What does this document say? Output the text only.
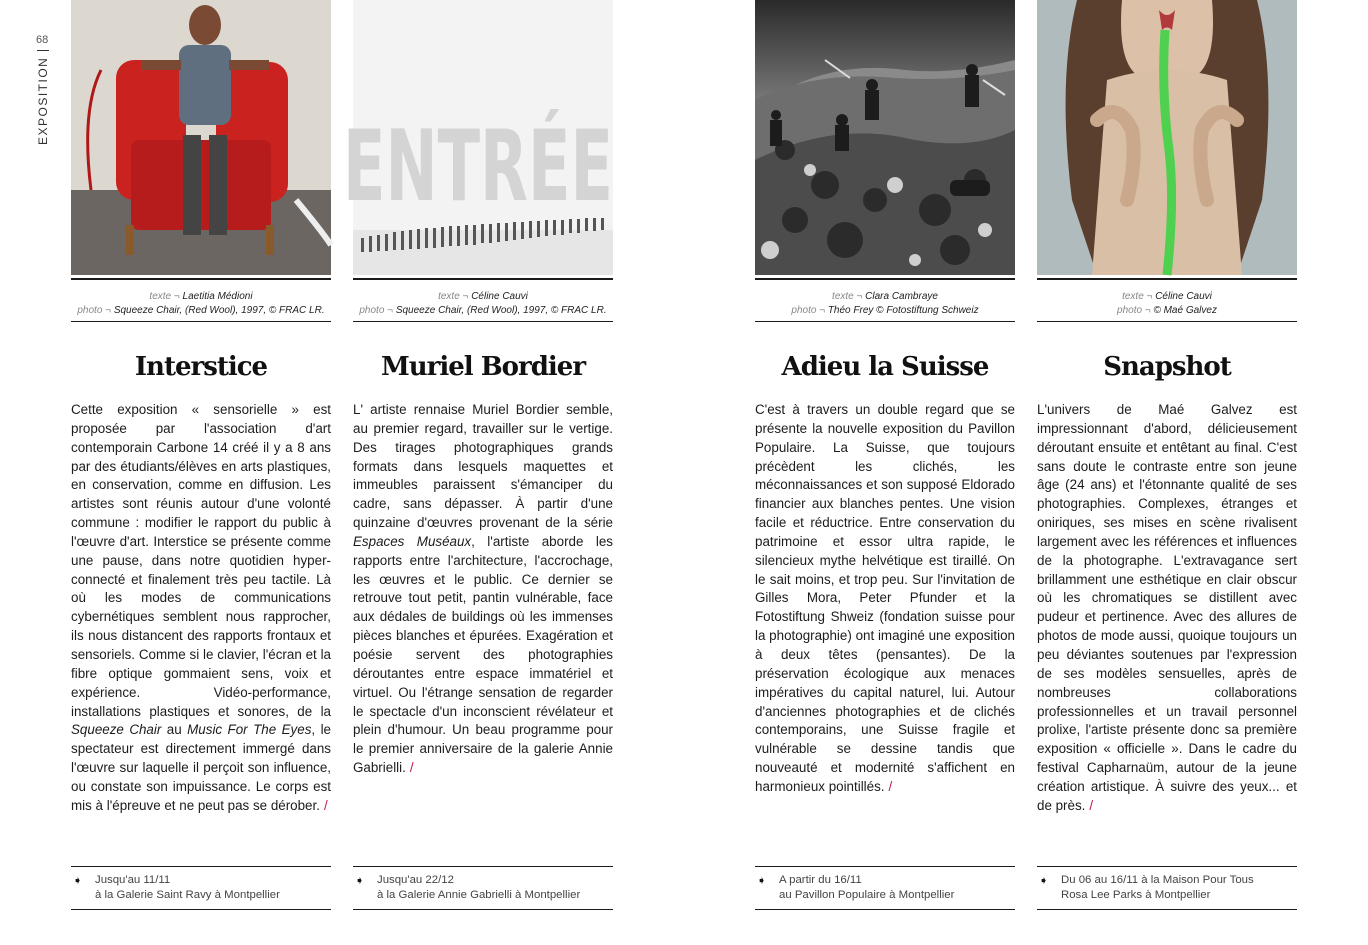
68
EXPOSITION
texte ¬ Laetitia Médioni
photo ¬ Squeeze Chair, (Red Wool), 1997, © FRAC LR.
Interstice

Cette exposition « sensorielle » est proposée par l'association d'art contemporain Carbone 14 créé il y a 8 ans par des étudiants/élèves en arts plastiques, en conservation, comme en diffusion. Les artistes sont réunis autour d'une volonté commune : modifier le rapport du public à l'œuvre d'art. Interstice se présente comme une pause, dans notre quotidien hyper-connecté et finalement très peu tactile. Là où les modes de communications cybernétiques semblent nous rapprocher, ils nous distancent des rapports frontaux et sensoriels. Comme si le clavier, l'écran et la fibre optique gommaient sens, voix et expérience. Vidéo-performance, installations plastiques et sonores, de la Squeeze Chair au Music For The Eyes, le spectateur est directement immergé dans l'œuvre sur laquelle il perçoit son influence, ou constate son impuissance. Le corps est mis à l'épreuve et ne peut pas se dérober. /

➧ Jusqu'au 11/11
à la Galerie Saint Ravy à Montpellier
ENTRÉE
texte ¬ Céline Cauvi
photo ¬ Squeeze Chair, (Red Wool), 1997, © FRAC LR.
Muriel Bordier

L' artiste rennaise Muriel Bordier semble, au premier regard, travailler sur le vertige. Des tirages photographiques grands formats dans lesquels maquettes et immeubles paraissent s'émanciper du cadre, sans dépasser. À partir d'une quinzaine d'œuvres provenant de la série Espaces Muséaux, l'artiste aborde les rapports entre l'architecture, l'accrochage, les œuvres et le public. Ce dernier se retrouve tout petit, pantin vulnérable, face aux dédales de buildings où les immenses pièces blanches et épurées. Exagération et poésie servent des photographies déroutantes entre espace immatériel et virtuel. Ou l'étrange sensation de regarder le spectacle d'un inconscient révélateur et plein d'humour. Un beau programme pour le premier anniversaire de la galerie Annie Gabrielli. /

➧ Jusqu'au 22/12
à la Galerie Annie Gabrielli à Montpellier
texte ¬ Clara Cambraye
photo ¬ Théo Frey © Fotostiftung Schweiz
Adieu la Suisse

C'est à travers un double regard que se présente la nouvelle exposition du Pavillon Populaire. La Suisse, que toujours précèdent les clichés, les méconnaissances et son supposé Eldorado financier aux blanches pentes. Une vision facile et réductrice. Entre conservation du patrimoine et essor ultra rapide, le silencieux mythe helvétique est tiraillé. On le sait moins, et trop peu. Sur l'invitation de Gilles Mora, Peter Pfunder et la Fotostiftung Shweiz (fondation suisse pour la photographie) ont imaginé une exposition à deux têtes (pensantes). De la préservation écologique aux menaces impératives du capital naturel, lui. Autour d'anciennes photographies et de clichés contemporains, une Suisse fragile et vulnérable se dessine tandis que nouveauté et modernité s'affichent en harmonieux pointillés. /

➧ A partir du 16/11
au Pavillon Populaire à Montpellier
texte ¬ Céline Cauvi
photo ¬ © Maé Galvez
Snapshot

L'univers de Maé Galvez est impressionnant d'abord, délicieusement déroutant ensuite et entêtant au final. C'est sans doute le contraste entre son jeune âge (24 ans) et l'étonnante qualité de ses photographies. Complexes, étranges et oniriques, ses mises en scène rivalisent largement avec les références et influences de la photographe. L'extravagance sert brillamment une esthétique en clair obscur où les chromatiques se distillent avec pudeur et pertinence. Avec des allures de photos de mode aussi, quoique toujours un peu déviantes soutenues par l'expression de ses modèles sensuelles, après de nombreuses collaborations professionnelles et un travail personnel prolixe, l'artiste présente donc sa première exposition « officielle ». Dans le cadre du festival Capharnaüm, autour de la jeune création artistique. À suivre des yeux... et de près. /

➧ Du 06 au 16/11 à la Maison Pour Tous
Rosa Lee Parks à Montpellier
